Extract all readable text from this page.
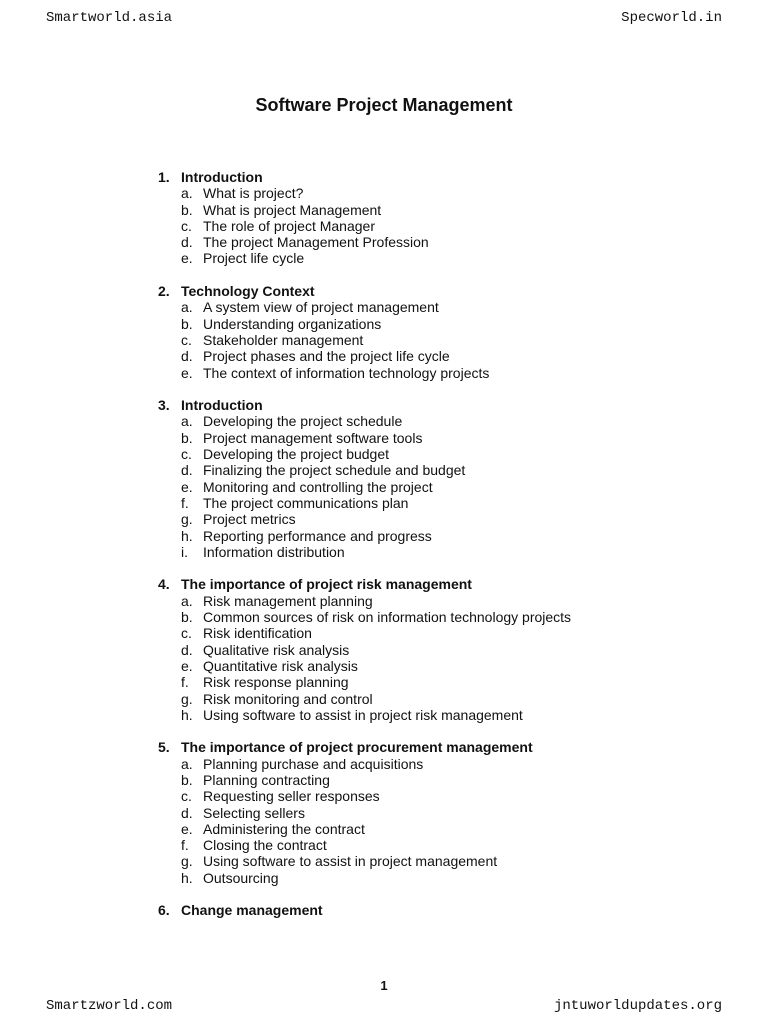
Smartworld.asia	Specworld.in
Software Project Management
1. Introduction
a. What is project?
b. What is project Management
c. The role of project Manager
d. The project Management Profession
e. Project life cycle
2. Technology Context
a. A system view of project management
b. Understanding organizations
c. Stakeholder management
d. Project phases and the project life cycle
e. The context of information technology projects
3. Introduction
a. Developing the project schedule
b. Project management software tools
c. Developing the project budget
d. Finalizing the project schedule and budget
e. Monitoring and controlling the project
f. The project communications plan
g. Project metrics
h. Reporting performance and progress
i. Information distribution
4. The importance of project risk management
a. Risk management planning
b. Common sources of risk on information technology projects
c. Risk identification
d. Qualitative risk analysis
e. Quantitative risk analysis
f. Risk response planning
g. Risk monitoring and control
h. Using software to assist in project risk management
5. The importance of project procurement management
a. Planning purchase and acquisitions
b. Planning contracting
c. Requesting seller responses
d. Selecting sellers
e. Administering the contract
f. Closing the contract
g. Using software to assist in project management
h. Outsourcing
6. Change management
1
Smartzworld.com	jntuworldupdates.org
